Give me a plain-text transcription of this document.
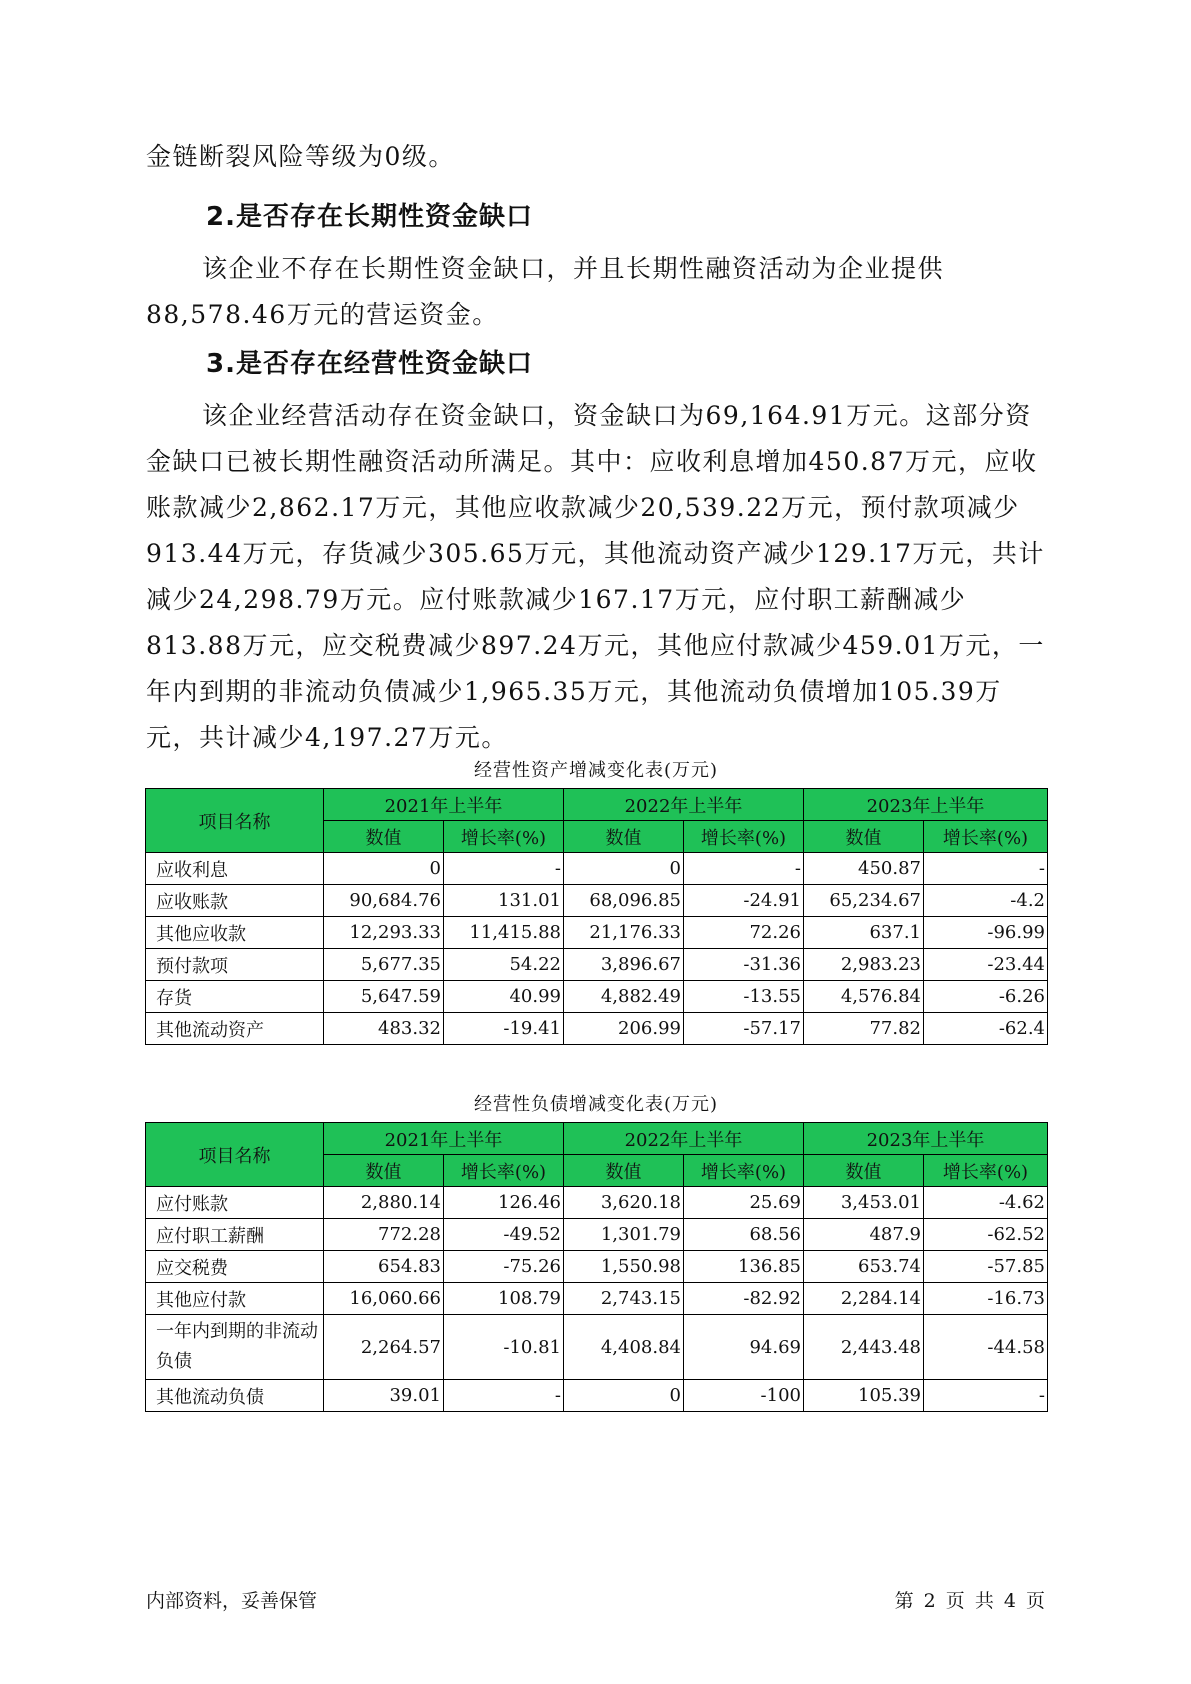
金链断裂风险等级为0级。

2.是否存在长期性资金缺口

该企业不存在长期性资金缺口，并且长期性融资活动为企业提供88,578.46万元的营运资金。

3.是否存在经营性资金缺口

该企业经营活动存在资金缺口，资金缺口为69,164.91万元。这部分资金缺口已被长期性融资活动所满足。其中：应收利息增加450.87万元，应收账款减少2,862.17万元，其他应收款减少20,539.22万元，预付款项减少913.44万元，存货减少305.65万元，其他流动资产减少129.17万元，共计减少24,298.79万元。应付账款减少167.17万元，应付职工薪酬减少813.88万元，应交税费减少897.24万元，其他应付款减少459.01万元，一年内到期的非流动负债减少1,965.35万元，其他流动负债增加105.39万元，共计减少4,197.27万元。

经营性资产增减变化表(万元)
项目名称	2021年上半年		2022年上半年		2023年上半年	
	数值	增长率(%)	数值	增长率(%)	数值	增长率(%)
应收利息	0	-	0	-	450.87	-
应收账款	90,684.76	131.01	68,096.85	-24.91	65,234.67	-4.2
其他应收款	12,293.33	11,415.88	21,176.33	72.26	637.1	-96.99
预付款项	5,677.35	54.22	3,896.67	-31.36	2,983.23	-23.44
存货	5,647.59	40.99	4,882.49	-13.55	4,576.84	-6.26
其他流动资产	483.32	-19.41	206.99	-57.17	77.82	-62.4
经营性负债增减变化表(万元)
项目名称	2021年上半年		2022年上半年		2023年上半年	
	数值	增长率(%)	数值	增长率(%)	数值	增长率(%)
应付账款	2,880.14	126.46	3,620.18	25.69	3,453.01	-4.62
应付职工薪酬	772.28	-49.52	1,301.79	68.56	487.9	-62.52
应交税费	654.83	-75.26	1,550.98	136.85	653.74	-57.85
其他应付款	16,060.66	108.79	2,743.15	-82.92	2,284.14	-16.73
一年内到期的非流动负债	2,264.57	-10.81	4,408.84	94.69	2,443.48	-44.58
其他流动负债	39.01	-	0	-100	105.39	-
内部资料，妥善保管	第 2 页 共 4 页
